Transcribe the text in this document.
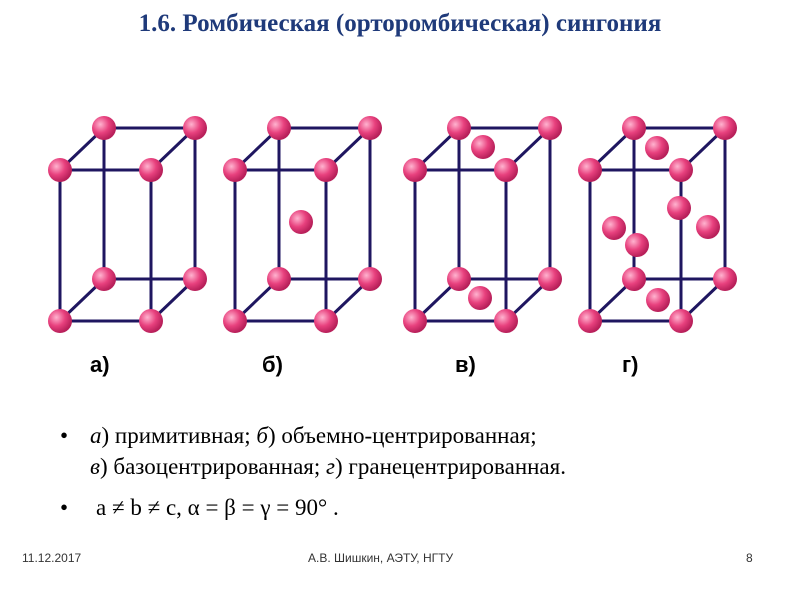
1.6. Ромбическая (орторомбическая) сингония
а)	б)	в)	г)
• а) примитивная; б) объемно-центрированная;
в) базоцентрированная; г) гранецентрированная.
• a ≠ b ≠ c, α = β = γ = 90° .
11.12.2017	А.В. Шишкин, АЭТУ, НГТУ	8
